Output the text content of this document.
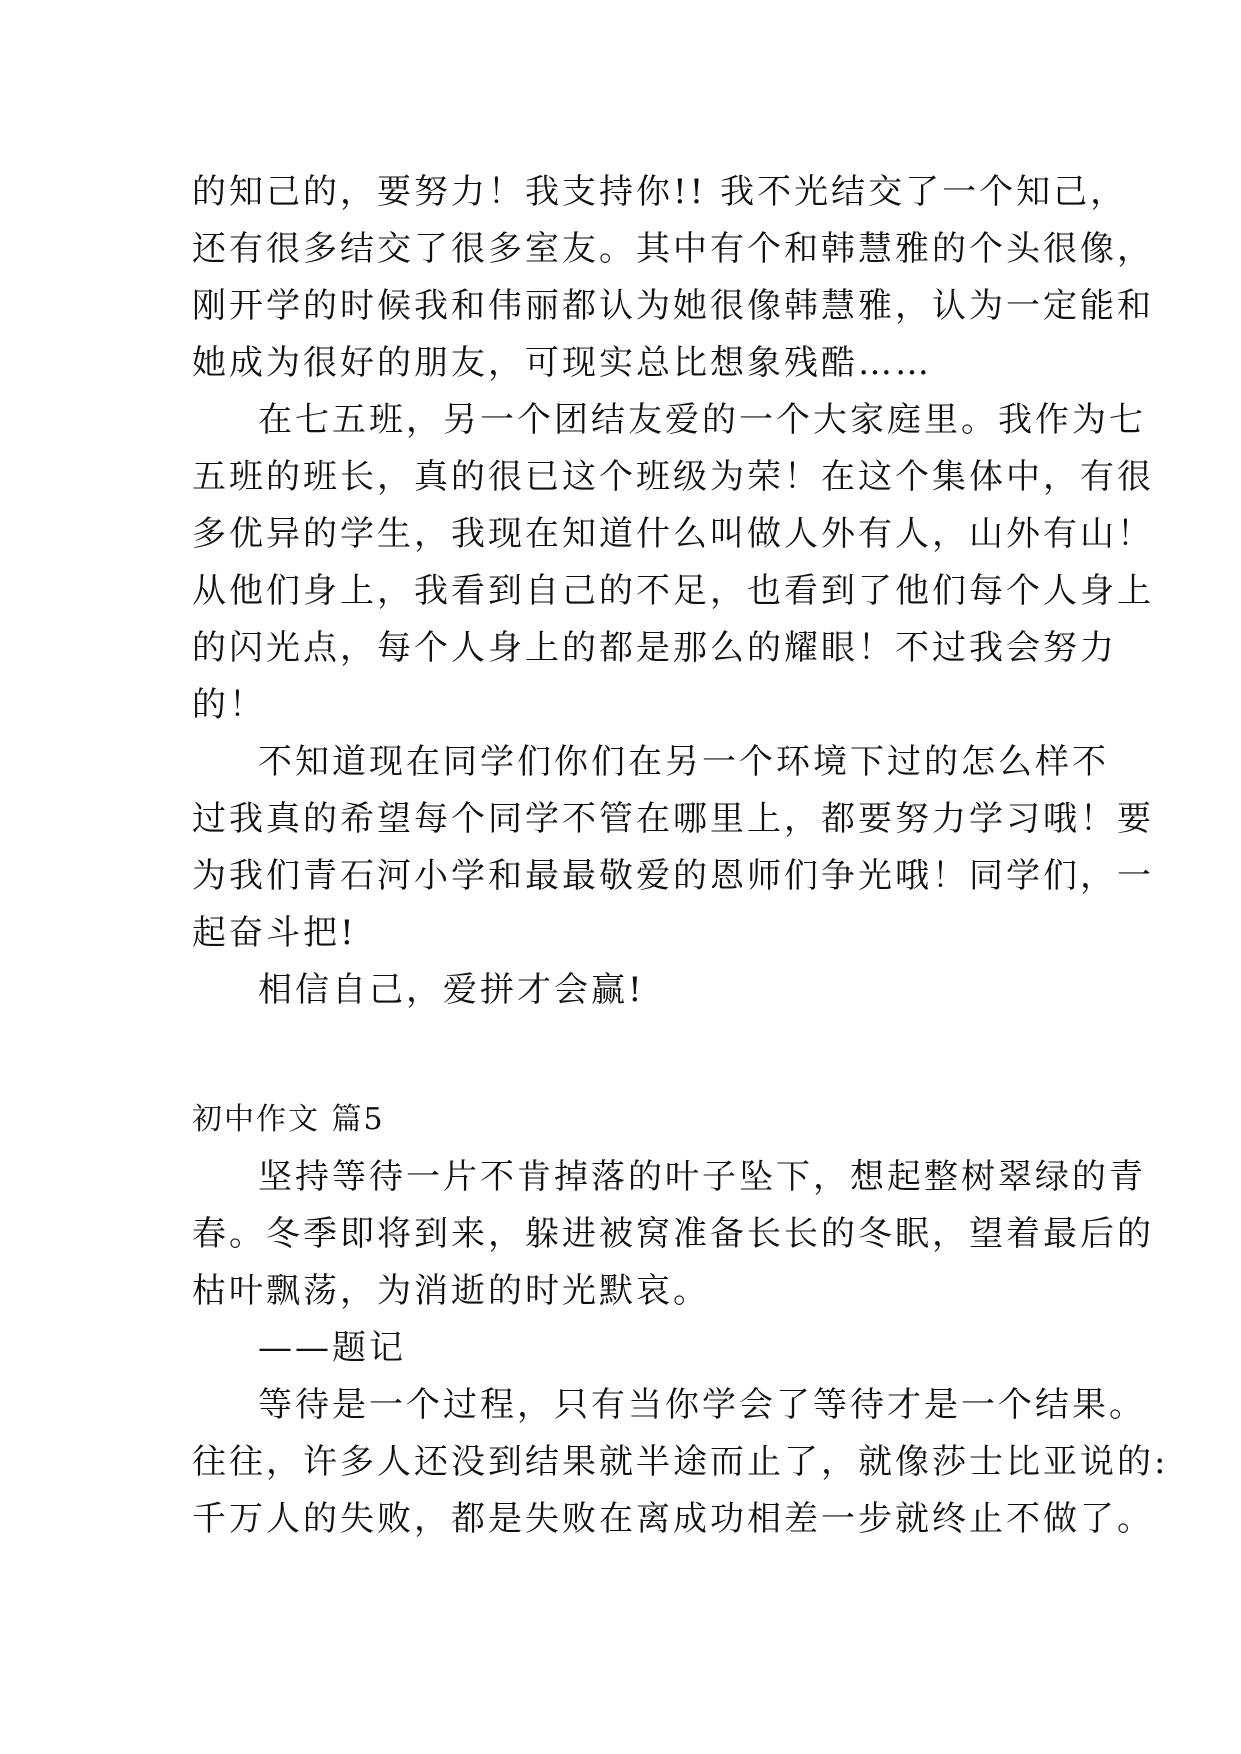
的知己的，要努力！我支持你!! 我不光结交了一个知己，
还有很多结交了很多室友。其中有个和韩慧雅的个头很像，
刚开学的时候我和伟丽都认为她很像韩慧雅，认为一定能和
她成为很好的朋友，可现实总比想象残酷……
在七五班，另一个团结友爱的一个大家庭里。我作为七
五班的班长，真的很已这个班级为荣！在这个集体中，有很
多优异的学生，我现在知道什么叫做人外有人，山外有山！
从他们身上，我看到自己的不足，也看到了他们每个人身上
的闪光点，每个人身上的都是那么的耀眼！不过我会努力
的！
不知道现在同学们你们在另一个环境下过的怎么样不
过我真的希望每个同学不管在哪里上，都要努力学习哦！要
为我们青石河小学和最最敬爱的恩师们争光哦！同学们，一
起奋斗把!
相信自己，爱拼才会赢!
初中作文 篇5
坚持等待一片不肯掉落的叶子坠下，想起整树翠绿的青
春。冬季即将到来，躲进被窝准备长长的冬眠，望着最后的
枯叶飘荡，为消逝的时光默哀。
——题记
等待是一个过程，只有当你学会了等待才是一个结果。
往往，许多人还没到结果就半途而止了，就像莎士比亚说的:
千万人的失败，都是失败在离成功相差一步就终止不做了。
